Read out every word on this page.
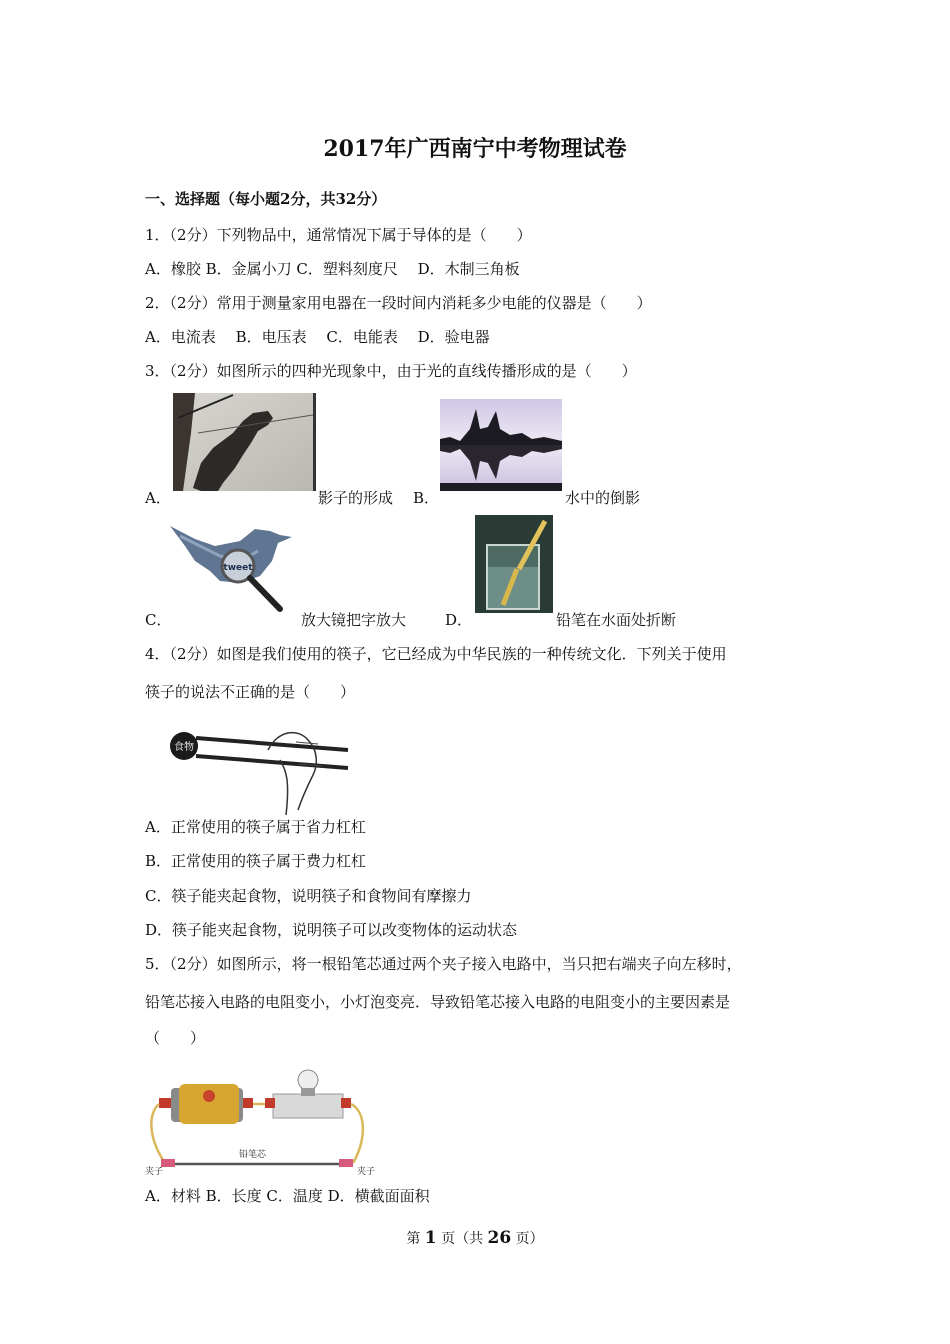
2017年广西南宁中考物理试卷
一、选择题（每小题2分，共32分）
1．（2分）下列物品中，通常情况下属于导体的是（　　）
A．橡胶 B．金属小刀 C．塑料刻度尺　 D．木制三角板
2．（2分）常用于测量家用电器在一段时间内消耗多少电能的仪器是（　　）
A．电流表　 B．电压表　 C．电能表　 D．验电器
3．（2分）如图所示的四种光现象中，由于光的直线传播形成的是（　　）
A．	影子的形成 B．	水中的倒影
tweet
C．	放大镜把字放大	D．	铅笔在水面处折断
4．（2分）如图是我们使用的筷子，它已经成为中华民族的一种传统文化．下列关于使用
筷子的说法不正确的是（　　）
食物
A．正常使用的筷子属于省力杠杠
B．正常使用的筷子属于费力杠杠
C．筷子能夹起食物，说明筷子和食物间有摩擦力
D．筷子能夹起食物，说明筷子可以改变物体的运动状态
5．（2分）如图所示，将一根铅笔芯通过两个夹子接入电路中，当只把右端夹子向左移时，
铅笔芯接入电路的电阻变小，小灯泡变亮．导致铅笔芯接入电路的电阻变小的主要因素是
（　　）
夹子
铅笔芯
夹子
A．材料 B．长度 C．温度 D．横截面面积
第 1 页（共 26 页）
